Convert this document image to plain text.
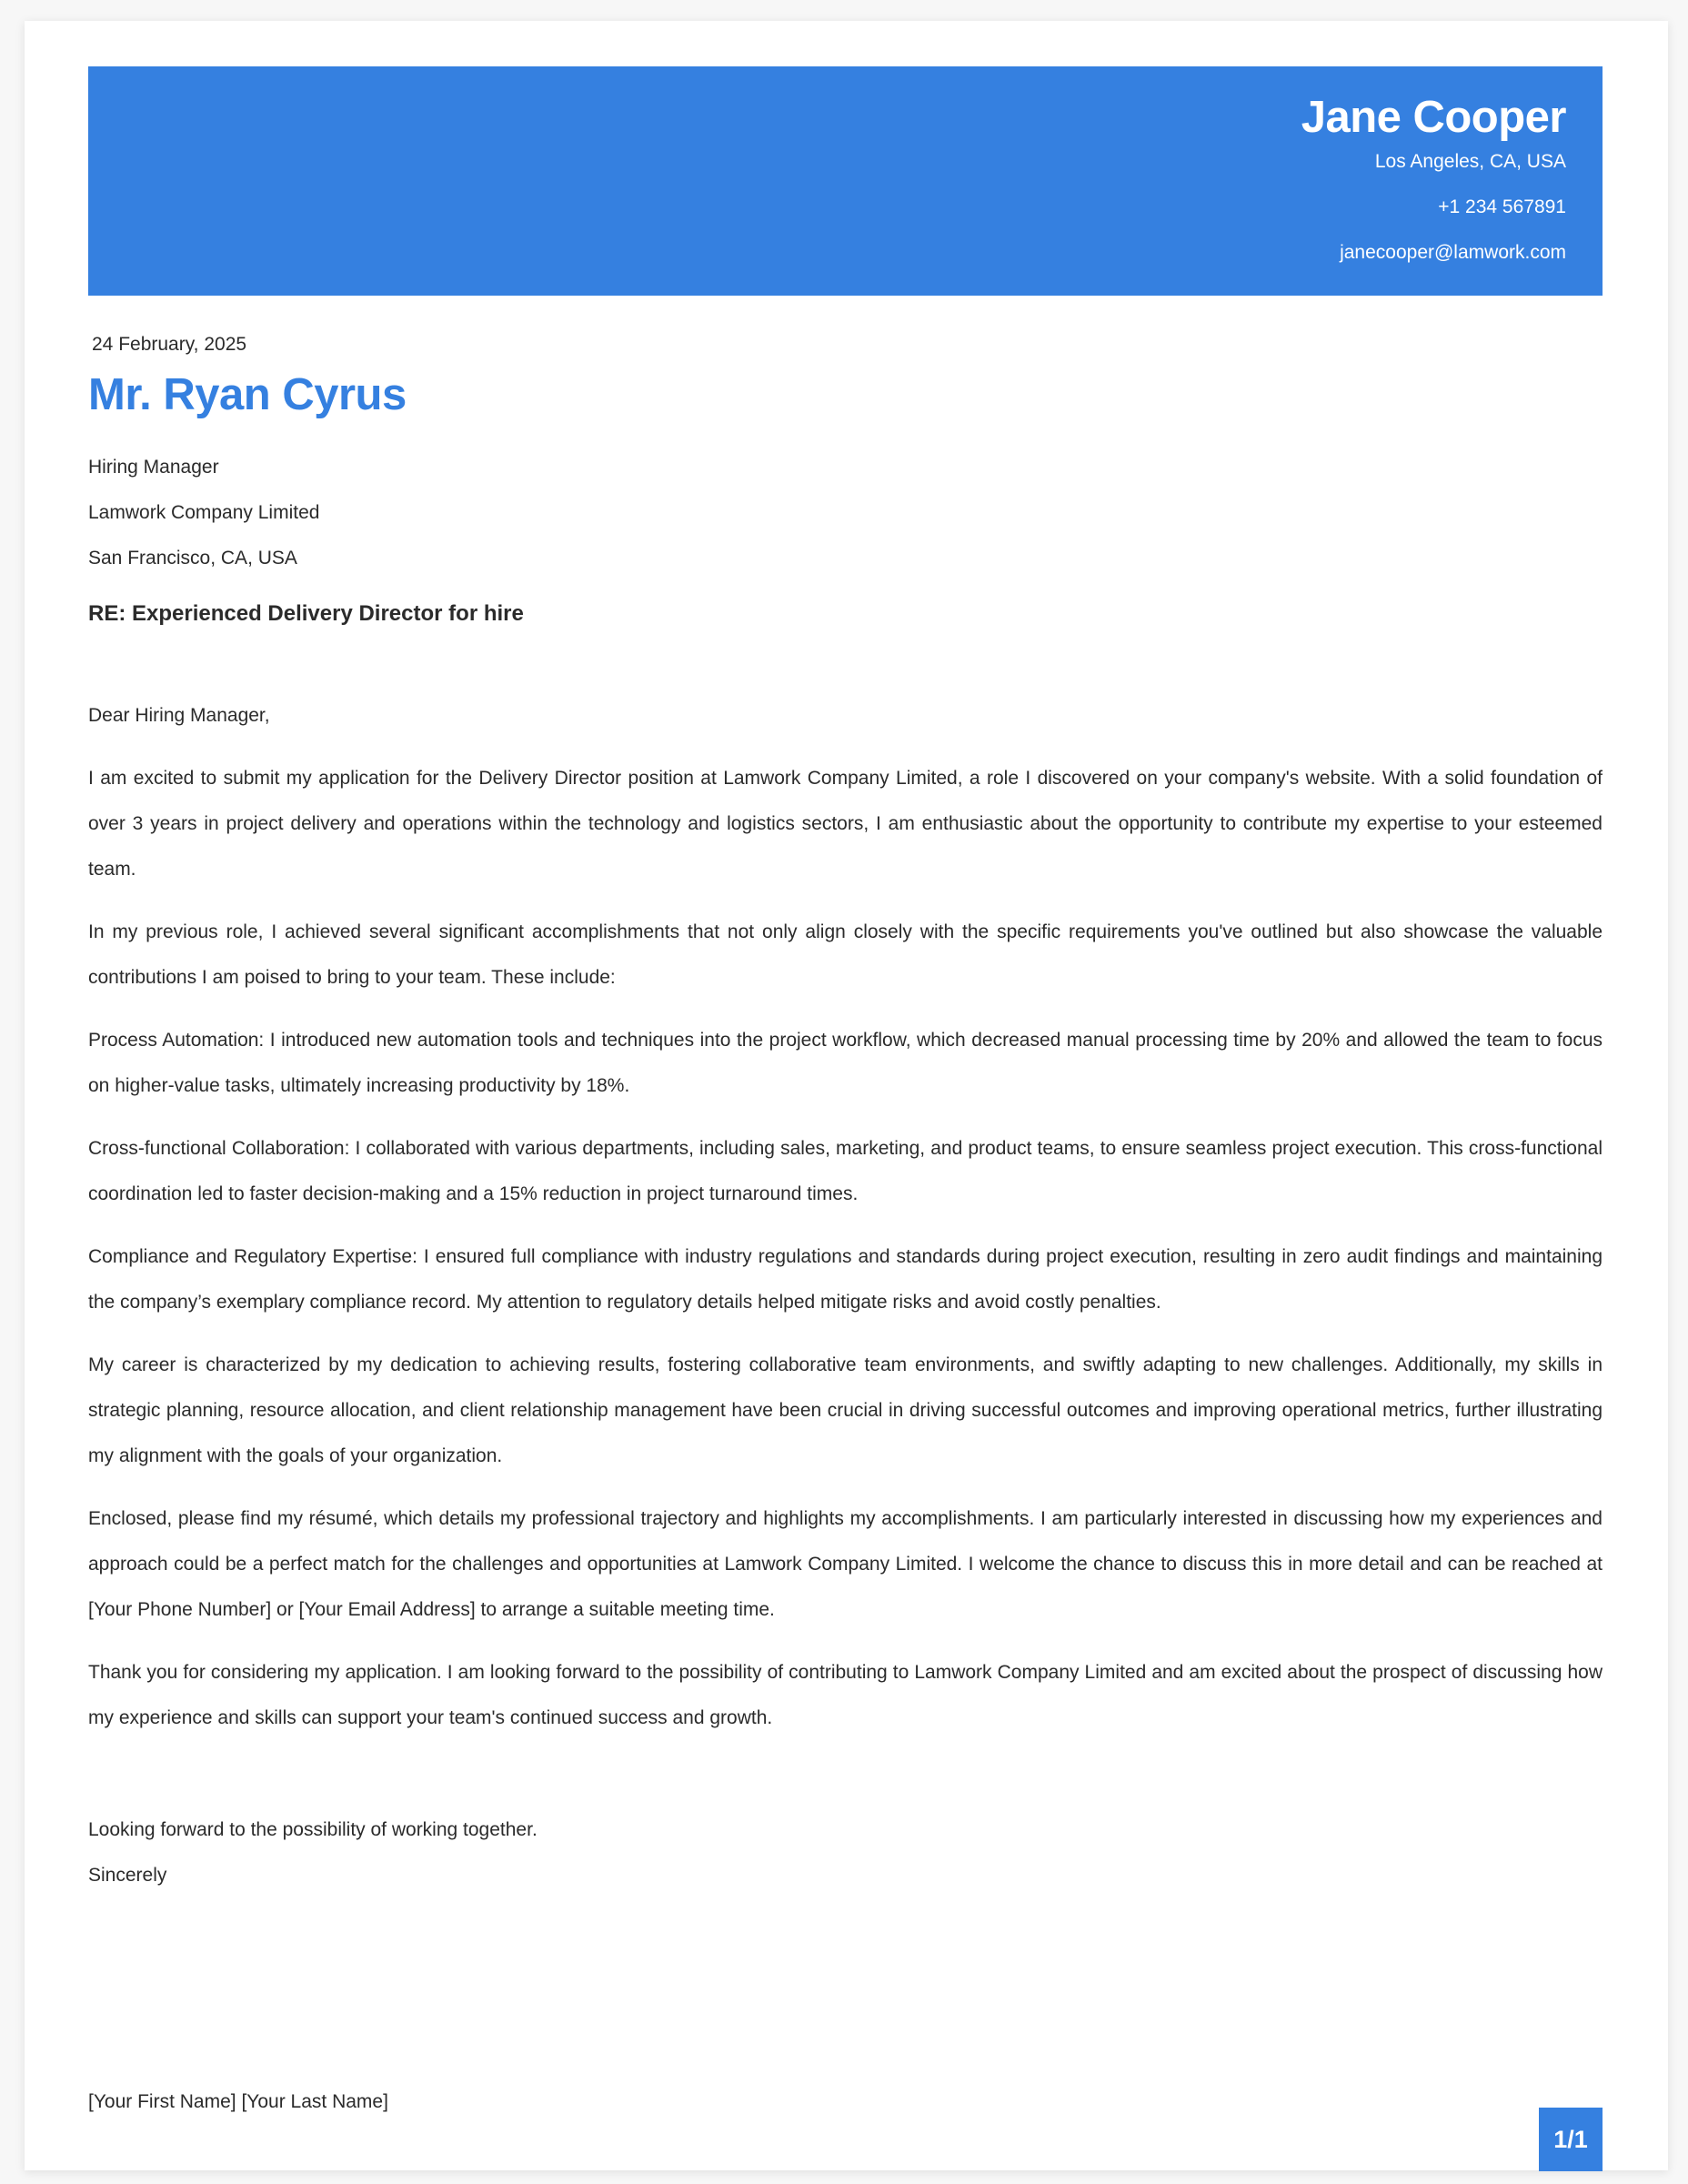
Jane Cooper
Los Angeles, CA, USA
+1 234 567891
janecooper@lamwork.com
24 February, 2025
Mr. Ryan Cyrus
Hiring Manager
Lamwork Company Limited
San Francisco, CA, USA
RE: Experienced Delivery Director for hire

Dear Hiring Manager,

I am excited to submit my application for the Delivery Director position at Lamwork Company Limited, a role I discovered on your company's website. With a solid foundation of over 3 years in project delivery and operations within the technology and logistics sectors, I am enthusiastic about the opportunity to contribute my expertise to your esteemed team.

In my previous role, I achieved several significant accomplishments that not only align closely with the specific requirements you've outlined but also showcase the valuable contributions I am poised to bring to your team. These include:

Process Automation: I introduced new automation tools and techniques into the project workflow, which decreased manual processing time by 20% and allowed the team to focus on higher-value tasks, ultimately increasing productivity by 18%.

Cross-functional Collaboration: I collaborated with various departments, including sales, marketing, and product teams, to ensure seamless project execution. This cross-functional coordination led to faster decision-making and a 15% reduction in project turnaround times.

Compliance and Regulatory Expertise: I ensured full compliance with industry regulations and standards during project execution, resulting in zero audit findings and maintaining the company’s exemplary compliance record. My attention to regulatory details helped mitigate risks and avoid costly penalties.

My career is characterized by my dedication to achieving results, fostering collaborative team environments, and swiftly adapting to new challenges. Additionally, my skills in strategic planning, resource allocation, and client relationship management have been crucial in driving successful outcomes and improving operational metrics, further illustrating my alignment with the goals of your organization.

Enclosed, please find my résumé, which details my professional trajectory and highlights my accomplishments. I am particularly interested in discussing how my experiences and approach could be a perfect match for the challenges and opportunities at Lamwork Company Limited. I welcome the chance to discuss this in more detail and can be reached at [Your Phone Number] or [Your Email Address] to arrange a suitable meeting time.

Thank you for considering my application. I am looking forward to the possibility of contributing to Lamwork Company Limited and am excited about the prospect of discussing how my experience and skills can support your team's continued success and growth.

Looking forward to the possibility of working together.
Sincerely
[Your First Name] [Your Last Name]
1/1
